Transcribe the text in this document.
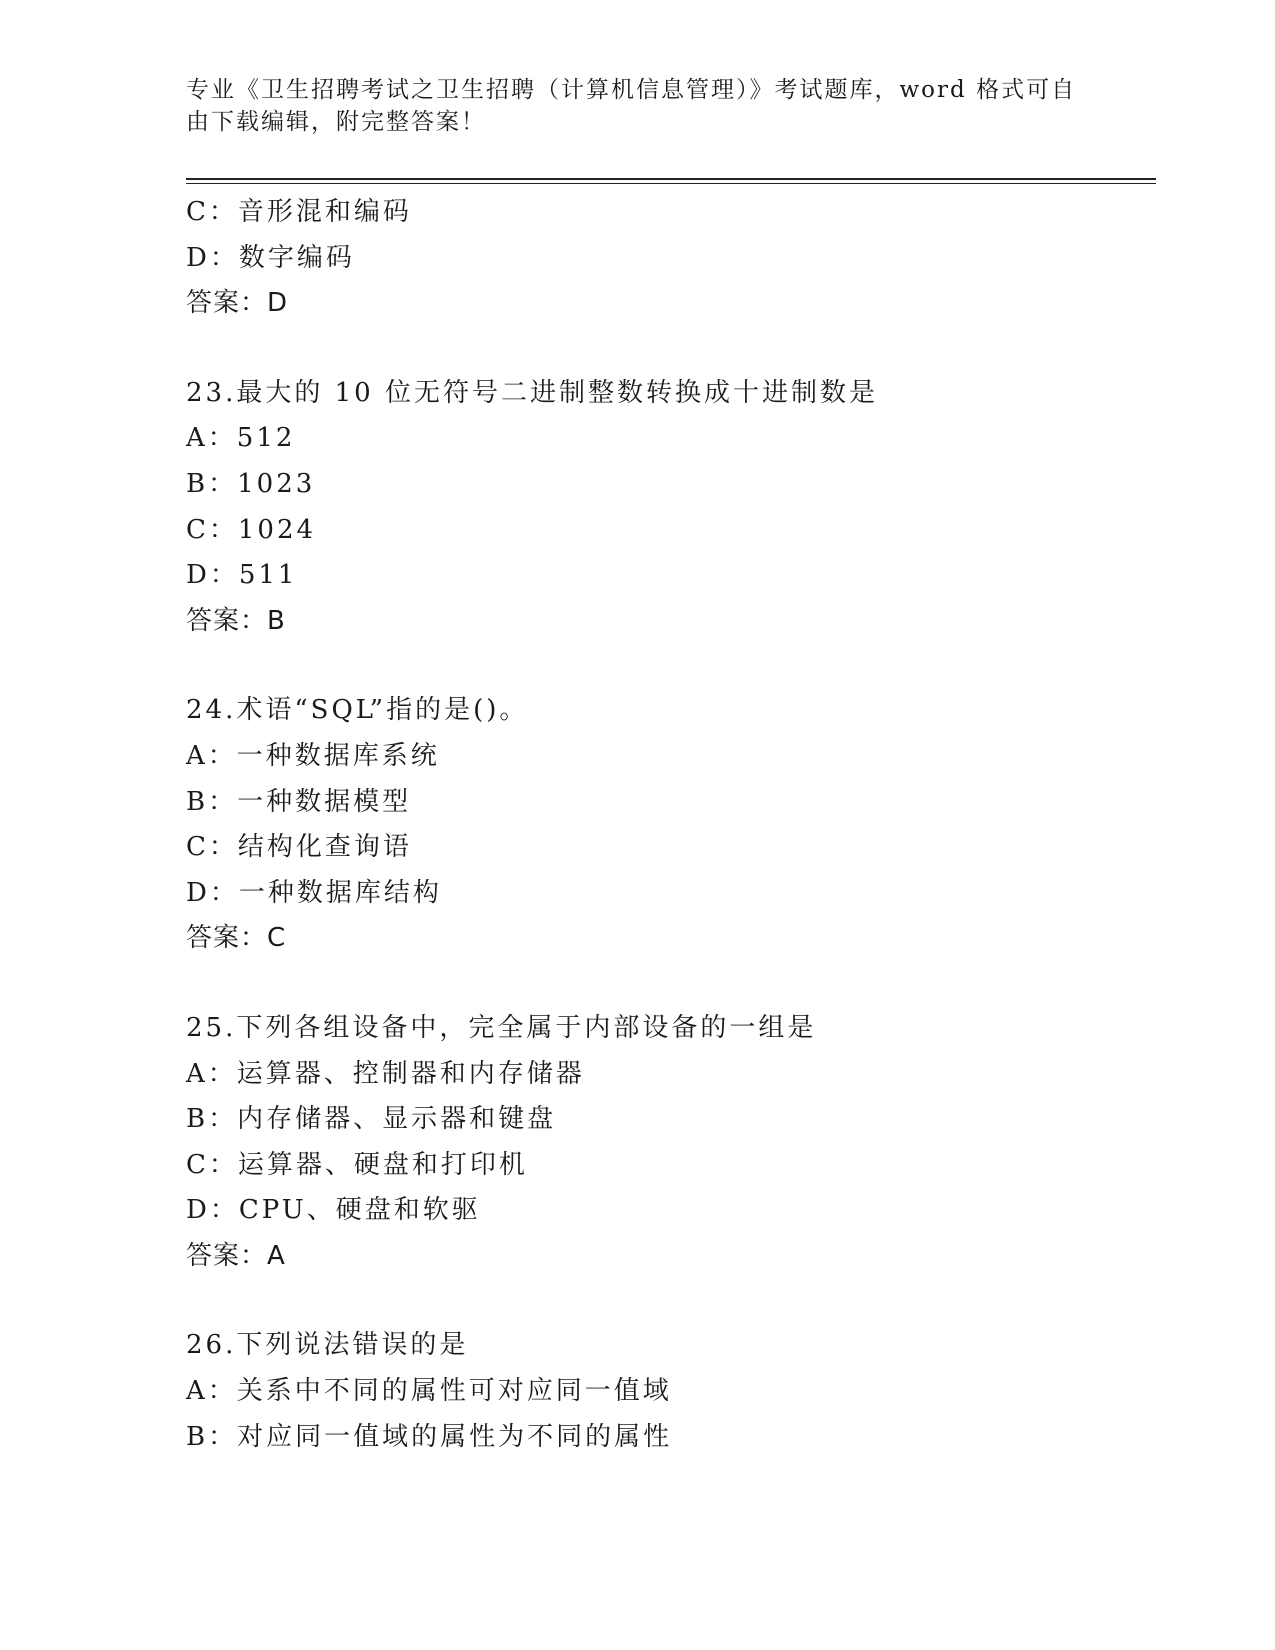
专业《卫生招聘考试之卫生招聘（计算机信息管理）》考试题库，word 格式可自
由下载编辑，附完整答案！
C：音形混和编码
D：数字编码
答案：D
23.最大的 10 位无符号二进制整数转换成十进制数是
A：512
B：1023
C：1024
D：511
答案：B
24.术语“SQL”指的是()。
A：一种数据库系统
B：一种数据模型
C：结构化查询语
D：一种数据库结构
答案：C
25.下列各组设备中，完全属于内部设备的一组是
A：运算器、控制器和内存储器
B：内存储器、显示器和键盘
C：运算器、硬盘和打印机
D：CPU、硬盘和软驱
答案：A
26.下列说法错误的是
A：关系中不同的属性可对应同一值域
B：对应同一值域的属性为不同的属性
